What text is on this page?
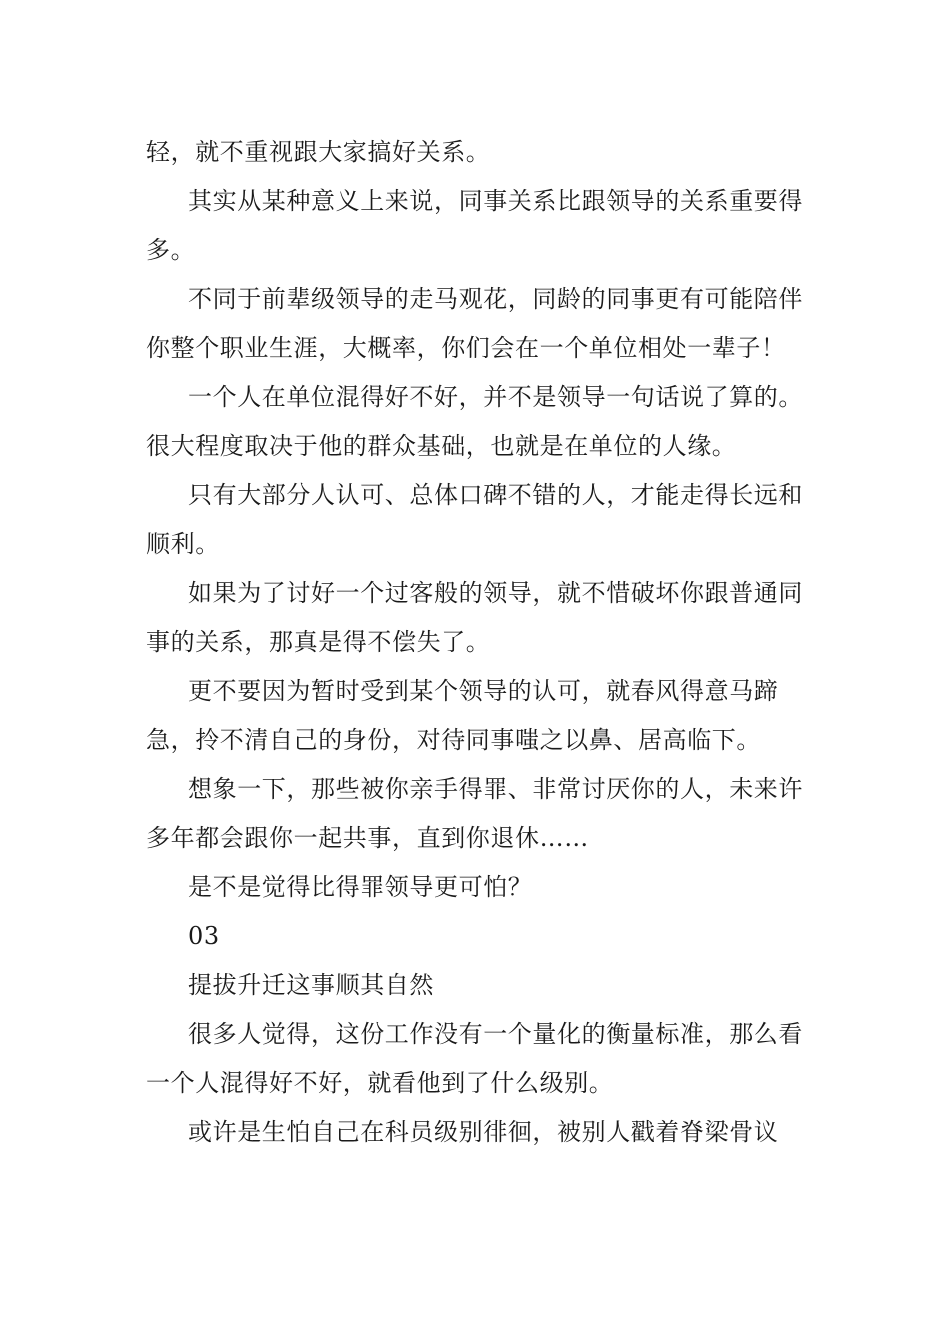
轻，就不重视跟大家搞好关系。

其实从某种意义上来说，同事关系比跟领导的关系重要得多。

不同于前辈级领导的走马观花，同龄的同事更有可能陪伴你整个职业生涯，大概率，你们会在一个单位相处一辈子！

一个人在单位混得好不好，并不是领导一句话说了算的。很大程度取决于他的群众基础，也就是在单位的人缘。

只有大部分人认可、总体口碑不错的人，才能走得长远和顺利。

如果为了讨好一个过客般的领导，就不惜破坏你跟普通同事的关系，那真是得不偿失了。

更不要因为暂时受到某个领导的认可，就春风得意马蹄急，拎不清自己的身份，对待同事嗤之以鼻、居高临下。

想象一下，那些被你亲手得罪、非常讨厌你的人，未来许多年都会跟你一起共事，直到你退休……

是不是觉得比得罪领导更可怕？

03

提拔升迁这事顺其自然

很多人觉得，这份工作没有一个量化的衡量标准，那么看一个人混得好不好，就看他到了什么级别。

或许是生怕自己在科员级别徘徊，被别人戳着脊梁骨议
